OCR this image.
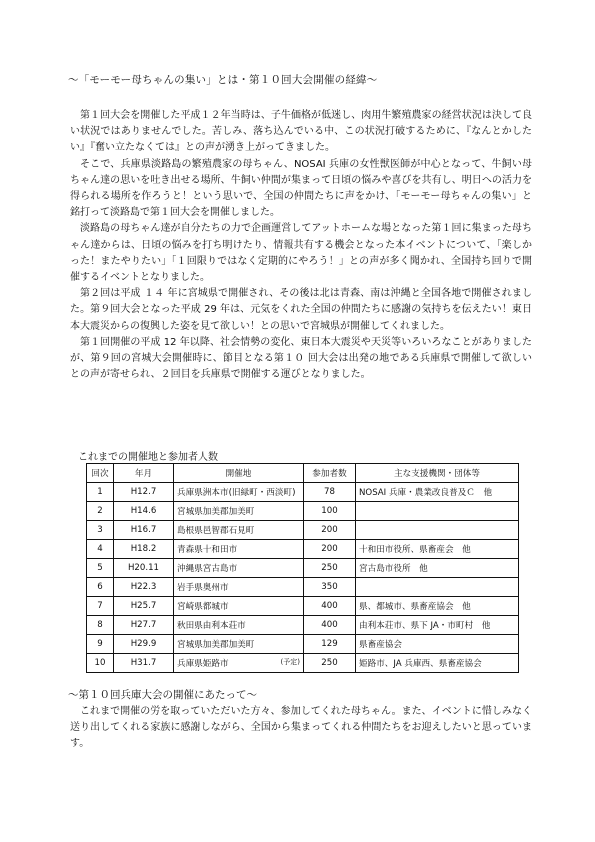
～「モーモー母ちゃんの集い」とは・第１０回大会開催の経緯～

第１回大会を開催した平成１２年当時は、子牛価格が低迷し、肉用牛繁殖農家の経営状況は決して良い状況ではありませんでした。苦しみ、落ち込んでいる中、この状況打破するために、『なんとかしたい』『奮い立たなくては』との声が湧き上がってきました。

そこで、兵庫県淡路島の繁殖農家の母ちゃん、NOSAI 兵庫の女性獣医師が中心となって、牛飼い母ちゃん達の思いを吐き出せる場所、牛飼い仲間が集まって日頃の悩みや喜びを共有し、明日への活力を得られる場所を作ろうと！という思いで、全国の仲間たちに声をかけ、「モーモー母ちゃんの集い」と銘打って淡路島で第１回大会を開催しました。

淡路島の母ちゃん達が自分たちの力で企画運営してアットホームな場となった第１回に集まった母ちゃん達からは、日頃の悩みを打ち明けたり、情報共有する機会となった本イベントについて、「楽しかった！またやりたい」「１回限りではなく定期的にやろう！」との声が多く聞かれ、全国持ち回りで開催するイベントとなりました。

第２回は平成 １４ 年に宮城県で開催され、その後は北は青森、南は沖縄と全国各地で開催されました。第９回大会となった平成 29 年は、元気をくれた全国の仲間たちに感謝の気持ちを伝えたい！東日本大震災からの復興した姿を見て欲しい！との思いで宮城県が開催してくれました。

第１回開催の平成 12 年以降、社会情勢の変化、東日本大震災や天災等いろいろなことがありましたが、第９回の宮城大会開催時に、節目となる第１０ 回大会は出発の地である兵庫県で開催して欲しいとの声が寄せられ、２回目を兵庫県で開催する運びとなりました。

これまでの開催地と参加者人数
回次	年月	開催地	参加者数	主な支援機関・団体等
1	H12.7	兵庫県洲本市(旧緑町・西淡町)	78	NOSAI 兵庫・農業改良普及Ｃ　他
2	H14.6	宮城県加美郡加美町	100	
3	H16.7	島根県邑智郡石見町	200	
4	H18.2	青森県十和田市	200	十和田市役所、県畜産会　他
5	H20.11	沖縄県宮古島市	250	宮古島市役所　他
6	H22.3	岩手県奥州市	350	
7	H25.7	宮崎県都城市	400	県、都城市、県畜産協会　他
8	H27.7	秋田県由利本荘市	400	由利本荘市、県下 JA・市町村　他
9	H29.9	宮城県加美郡加美町	129	県畜産協会
10	H31.7	兵庫県姫路市 (予定)	250	姫路市、JA 兵庫西、県畜産協会
～第１０回兵庫大会の開催にあたって～

これまで開催の労を取っていただいた方々、参加してくれた母ちゃん。また、イベントに惜しみなく送り出してくれる家族に感謝しながら、全国から集まってくれる仲間たちをお迎えしたいと思っています。
